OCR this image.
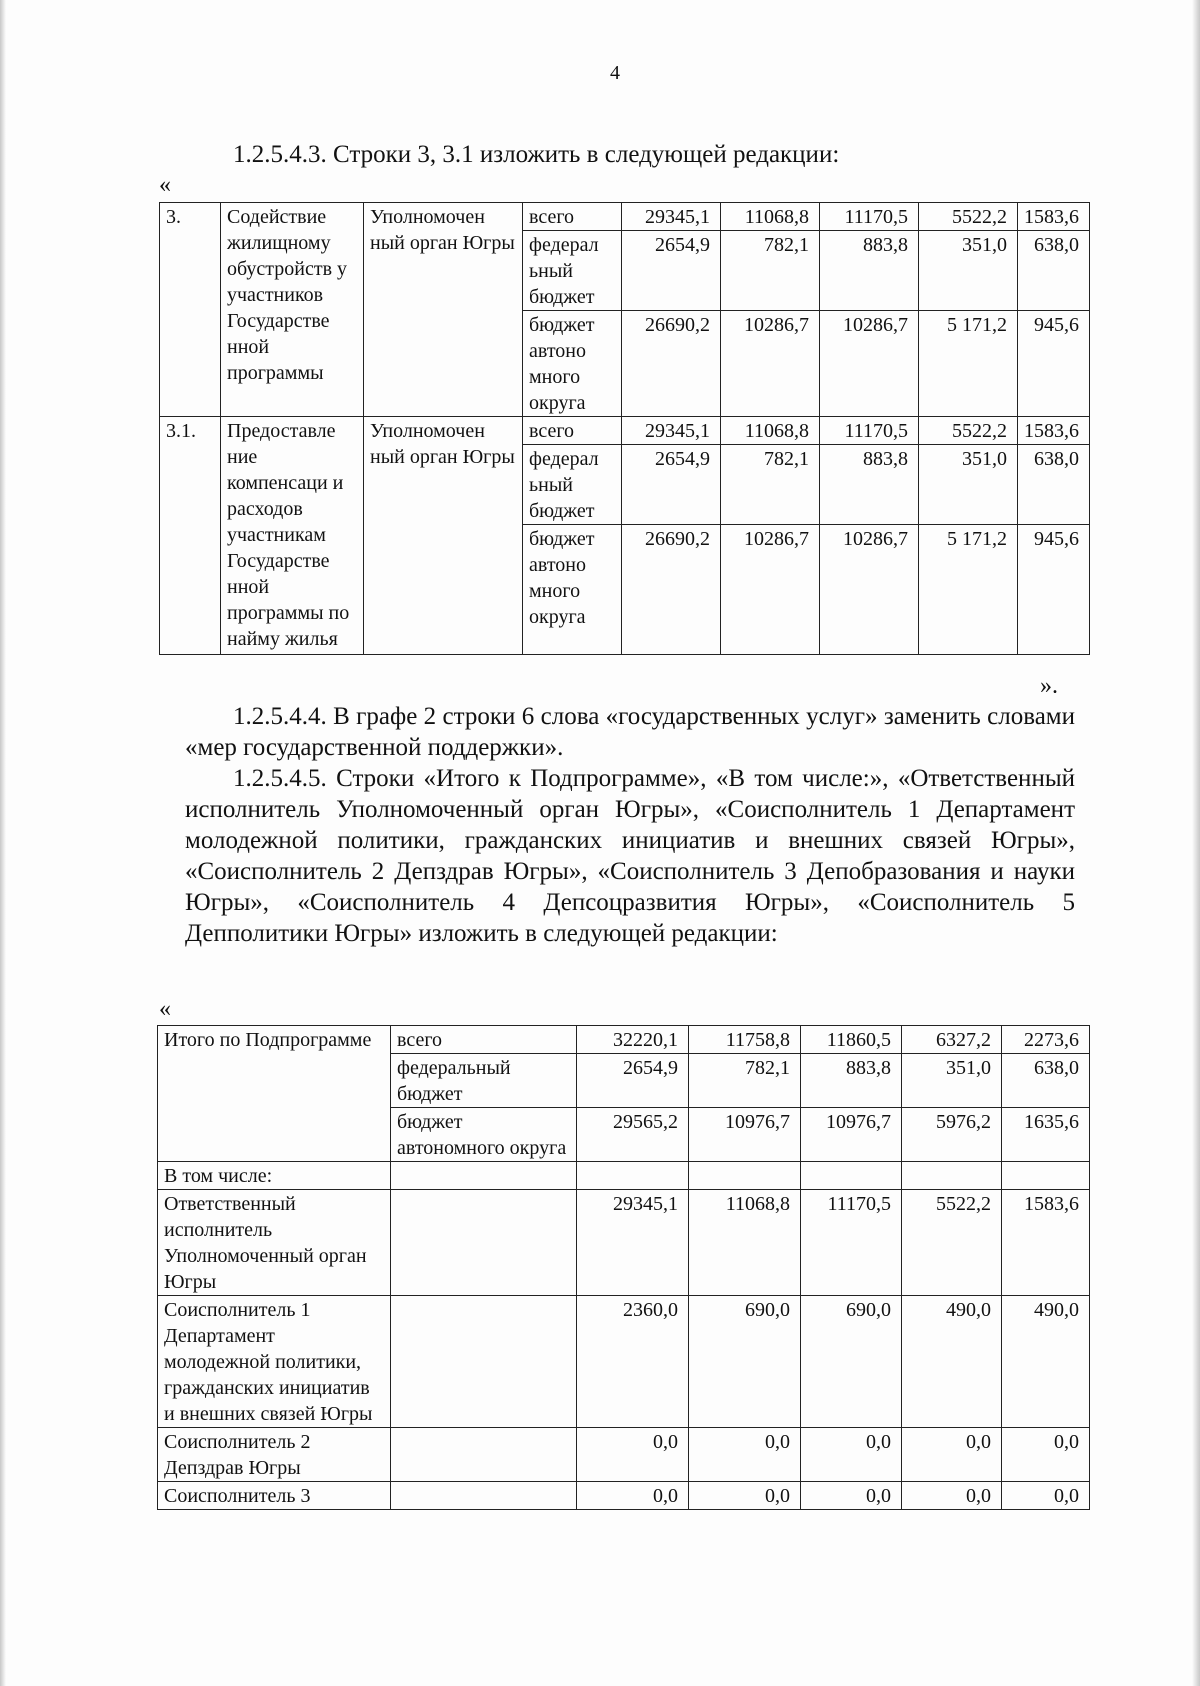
4
1.2.5.4.3. Строки 3, 3.1 изложить в следующей редакции:
«
3.	Содействие жилищному обустройств у участников Государстве нной программы	Уполномочен ный орган Югры	всего	29345,1	11068,8	11170,5	5522,2	1583,6
			федерал ьный бюджет	2654,9	782,1	883,8	351,0	638,0
			бюджет автоно много округа	26690,2	10286,7	10286,7	5 171,2	945,6
3.1.	Предоставле ние компенсаци и расходов участникам Государстве нной программы по найму жилья	Уполномочен ный орган Югры	всего	29345,1	11068,8	11170,5	5522,2	1583,6
			федерал ьный бюджет	2654,9	782,1	883,8	351,0	638,0
			бюджет автоно много округа	26690,2	10286,7	10286,7	5 171,2	945,6
».
1.2.5.4.4. В графе 2 строки 6 слова «государственных услуг» заменить словами «мер государственной поддержки».
1.2.5.4.5. Строки «Итого к Подпрограмме», «В том числе:», «Ответственный исполнитель Уполномоченный орган Югры», «Соисполнитель 1 Департамент молодежной политики, гражданских инициатив и внешних связей Югры», «Соисполнитель 2 Депздрав Югры», «Соисполнитель 3 Депобразования и науки Югры», «Соисполнитель 4 Депсоцразвития Югры», «Соисполнитель 5 Депполитики Югры» изложить в следующей редакции:
«
Итого по Подпрограмме	всего	32220,1	11758,8	11860,5	6327,2	2273,6
	федеральный бюджет	2654,9	782,1	883,8	351,0	638,0
	бюджет автономного округа	29565,2	10976,7	10976,7	5976,2	1635,6
В том числе:						
Ответственный исполнитель Уполномоченный орган Югры		29345,1	11068,8	11170,5	5522,2	1583,6
Соисполнитель 1 Департамент молодежной политики, гражданских инициатив и внешних связей Югры		2360,0	690,0	690,0	490,0	490,0
Соисполнитель 2 Депздрав Югры		0,0	0,0	0,0	0,0	0,0
Соисполнитель 3		0,0	0,0	0,0	0,0	0,0
